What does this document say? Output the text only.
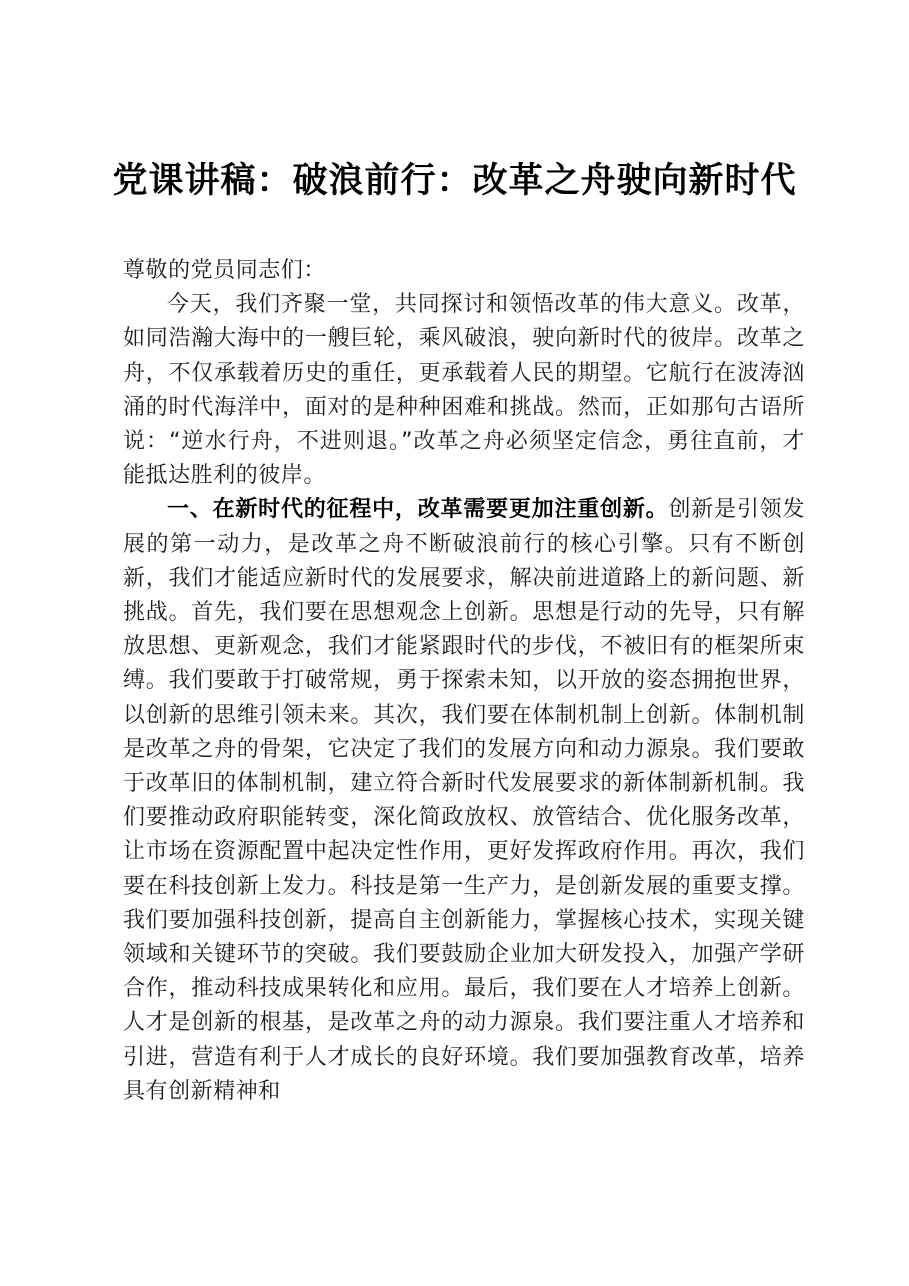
党课讲稿：破浪前行：改革之舟驶向新时代

尊敬的党员同志们：

今天，我们齐聚一堂，共同探讨和领悟改革的伟大意义。改革，如同浩瀚大海中的一艘巨轮，乘风破浪，驶向新时代的彼岸。改革之舟，不仅承载着历史的重任，更承载着人民的期望。它航行在波涛汹涌的时代海洋中，面对的是种种困难和挑战。然而，正如那句古语所说：“逆水行舟，不进则退。”改革之舟必须坚定信念，勇往直前，才能抵达胜利的彼岸。

一、在新时代的征程中，改革需要更加注重创新。创新是引领发展的第一动力，是改革之舟不断破浪前行的核心引擎。只有不断创新，我们才能适应新时代的发展要求，解决前进道路上的新问题、新挑战。首先，我们要在思想观念上创新。思想是行动的先导，只有解放思想、更新观念，我们才能紧跟时代的步伐，不被旧有的框架所束缚。我们要敢于打破常规，勇于探索未知，以开放的姿态拥抱世界，以创新的思维引领未来。其次，我们要在体制机制上创新。体制机制是改革之舟的骨架，它决定了我们的发展方向和动力源泉。我们要敢于改革旧的体制机制，建立符合新时代发展要求的新体制新机制。我们要推动政府职能转变，深化简政放权、放管结合、优化服务改革，让市场在资源配置中起决定性作用，更好发挥政府作用。再次，我们要在科技创新上发力。科技是第一生产力，是创新发展的重要支撑。我们要加强科技创新，提高自主创新能力，掌握核心技术，实现关键领域和关键环节的突破。我们要鼓励企业加大研发投入，加强产学研合作，推动科技成果转化和应用。最后，我们要在人才培养上创新。人才是创新的根基，是改革之舟的动力源泉。我们要注重人才培养和引进，营造有利于人才成长的良好环境。我们要加强教育改革，培养具有创新精神和
